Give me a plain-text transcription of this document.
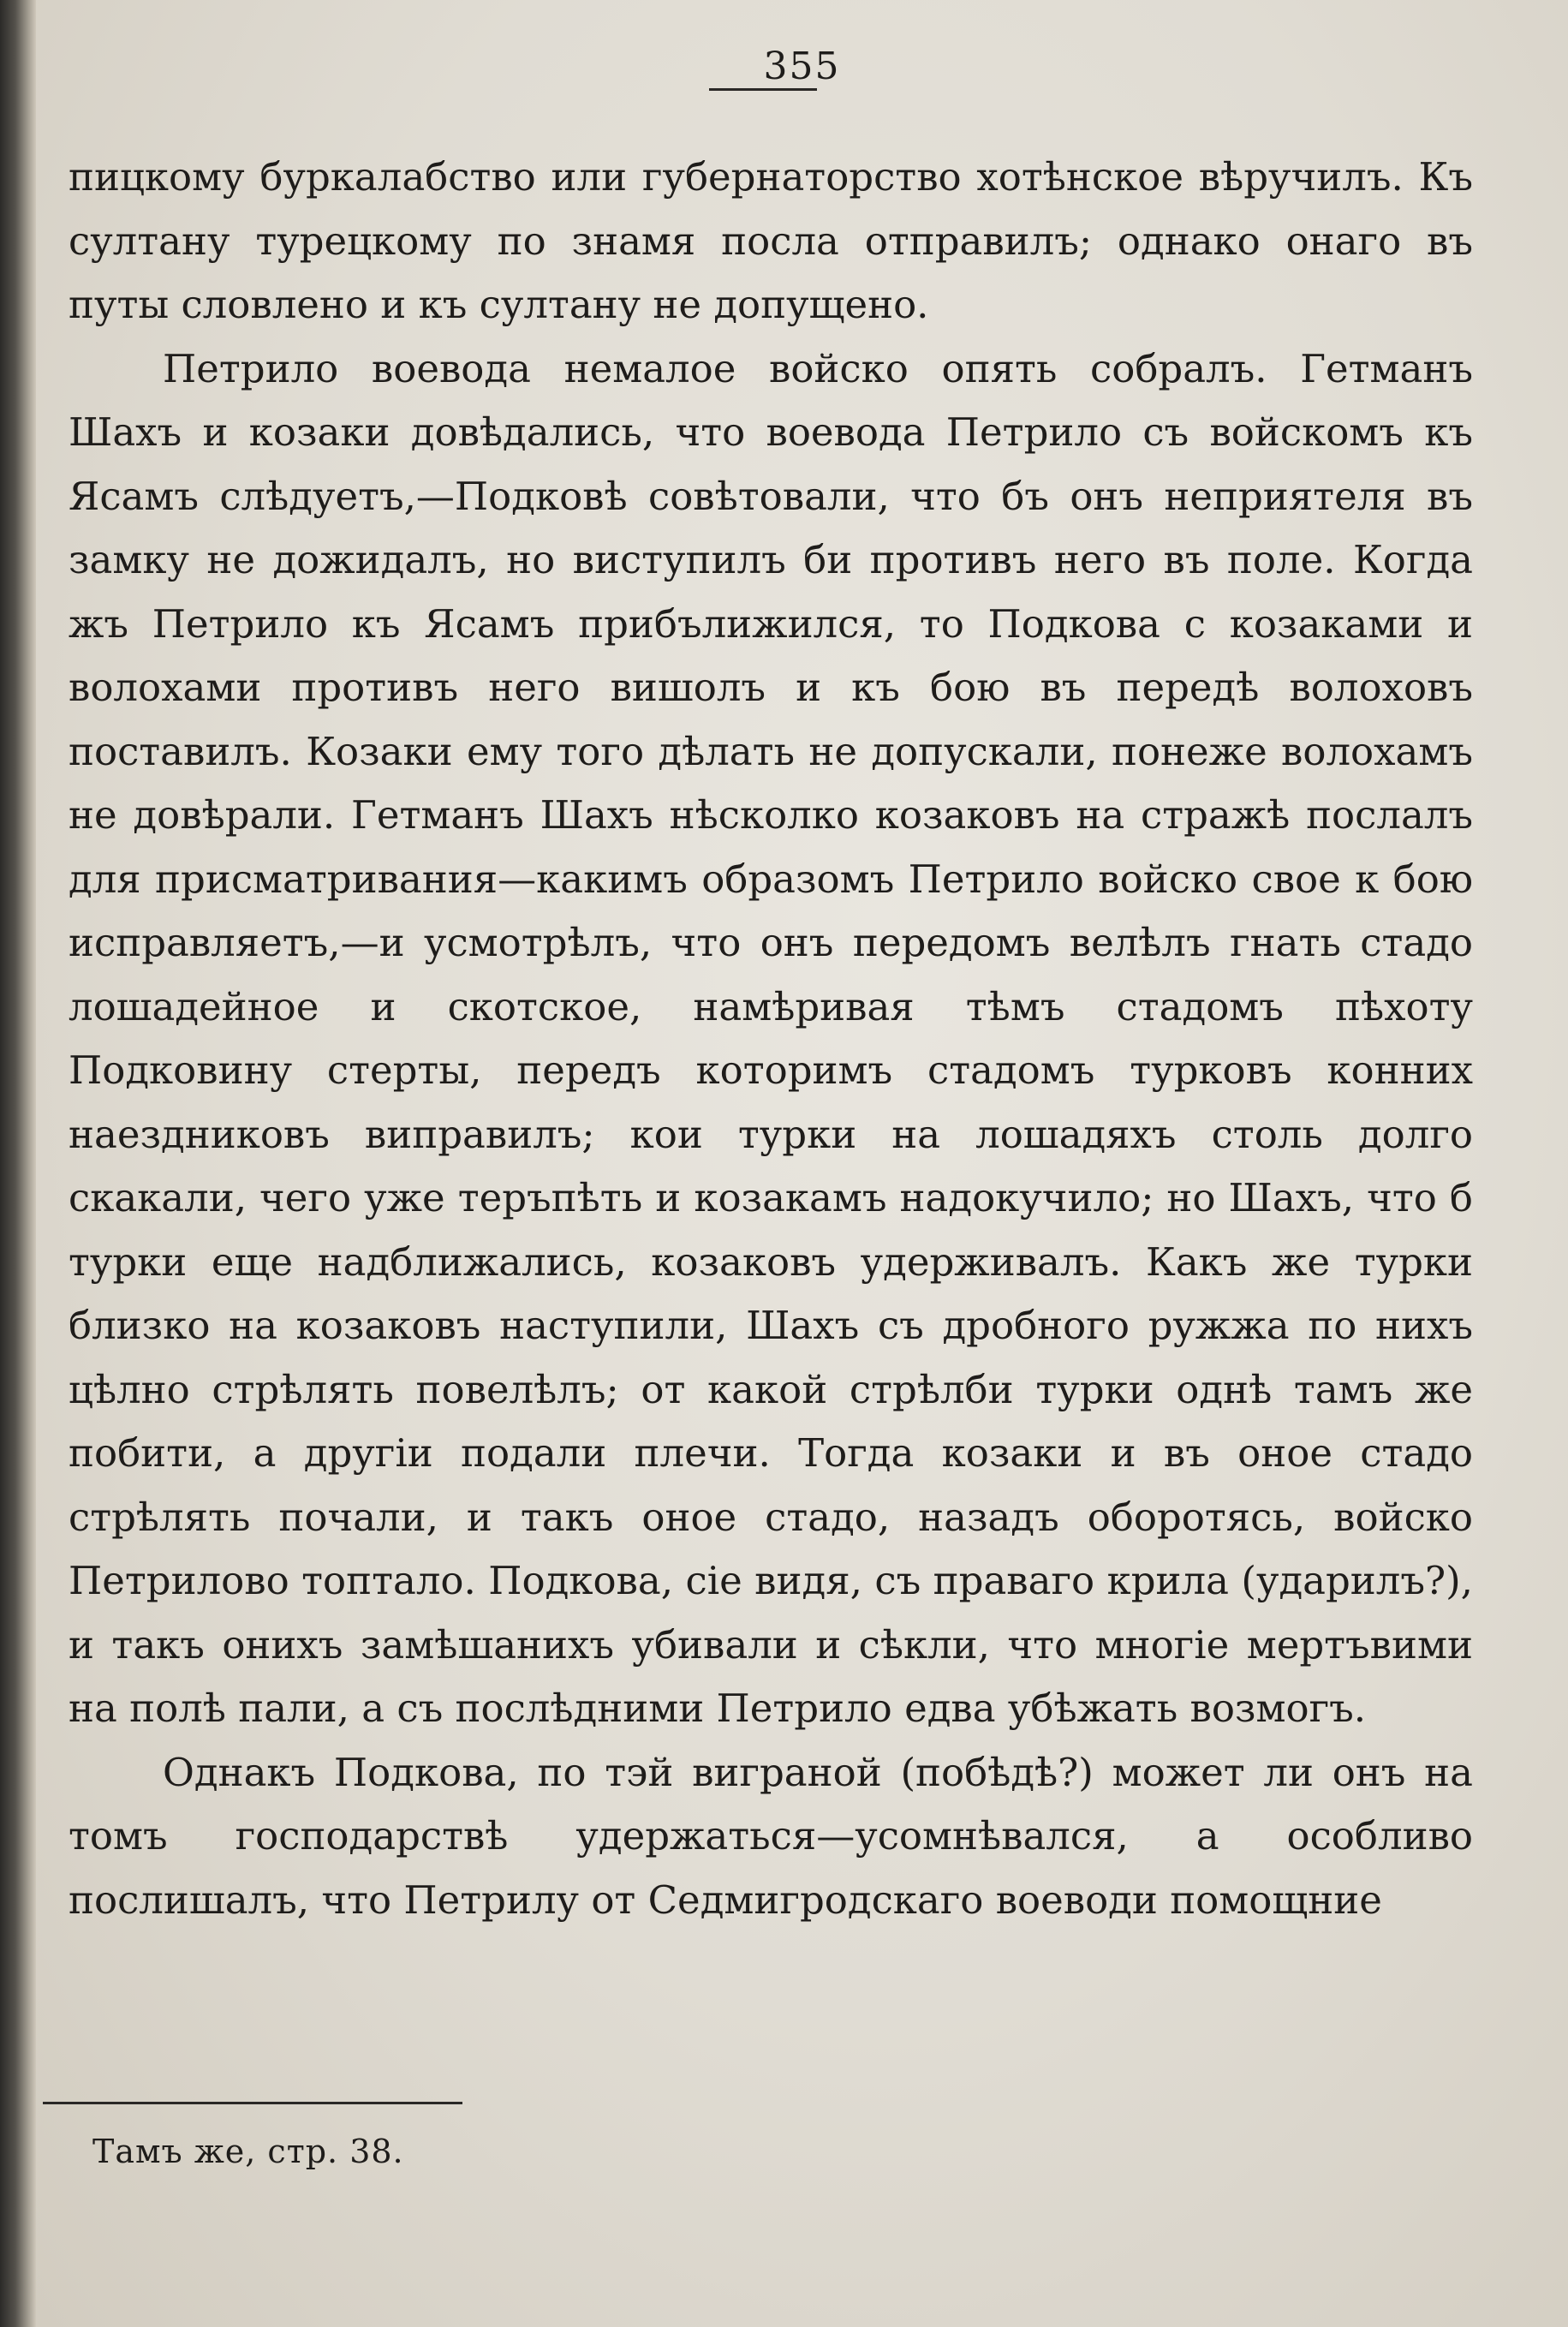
355

пицкому буркалабство или губернаторство хотѣнское вѣручилъ. Къ султану турецкому по знамя посла отправилъ; однако онаго въ путы словлено и къ султану не допущено.

Петрило воевода немалое войско опять собралъ. Гетманъ Шахъ и козаки довѣдались, что воевода Петрило съ войскомъ къ Ясамъ слѣдуетъ,—Подковѣ совѣтовали, что бъ онъ неприятеля въ замку не дожидалъ, но виступилъ би противъ него въ поле. Когда жъ Петрило къ Ясамъ прибълижился, то Подкова с козаками и волохами противъ него вишолъ и къ бою въ передѣ волоховъ поставилъ. Козаки ему того дѣлать не допускали, понеже волохамъ не довѣрали. Гетманъ Шахъ нѣсколко козаковъ на стражѣ послалъ для присматривания—какимъ образомъ Петрило войско свое к бою исправляетъ,—и усмотрѣлъ, что онъ передомъ велѣлъ гнать стадо лошадейное и скотское, намѣривая тѣмъ стадомъ пѣхоту Подковину стерты, передъ которимъ стадомъ турковъ конних наездниковъ виправилъ; кои турки на лошадяхъ столь долго скакали, чего уже теръпѣть и козакамъ надокучило; но Шахъ, что б турки еще надближались, козаковъ удерживалъ. Какъ же турки близко на козаковъ наступили, Шахъ съ дробного ружжа по нихъ цѣлно стрѣлять повелѣлъ; от какой стрѣлби турки однѣ тамъ же побити, а другіи подали плечи. Тогда козаки и въ оное стадо стрѣлять почали, и такъ оное стадо, назадъ оборотясь, войско Петрилово топтало. Подкова, сіе видя, съ праваго крила (ударилъ?), и такъ онихъ замѣшанихъ убивали и сѣкли, что многіе мертъвими на полѣ пали, а съ послѣдними Петрило едва убѣжать возмогъ.

Однакъ Подкова, по тэй виграной (побѣдѣ?) может ли онъ на томъ господарствѣ удержаться—усомнѣвался, а особливо послишалъ, что Петрилу от Седмигродскаго воеводи помощние

Тамъ же, стр. 38.
